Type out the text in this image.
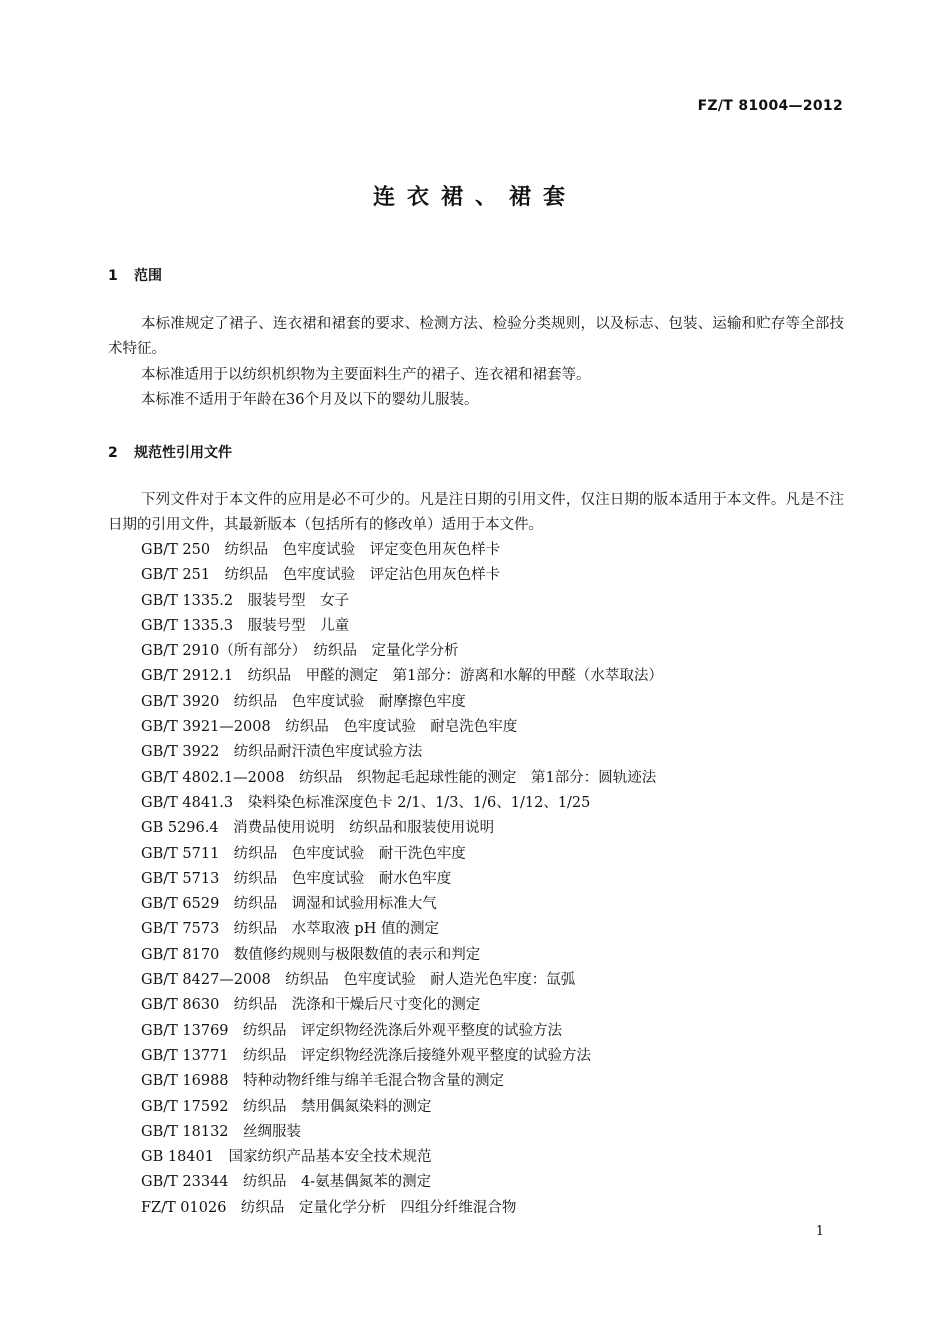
FZ/T 81004—2012
连衣裙、裙套
1 范围
本标准规定了裙子、连衣裙和裙套的要求、检测方法、检验分类规则，以及标志、包装、运输和贮存等全部技术特征。
本标准适用于以纺织机织物为主要面料生产的裙子、连衣裙和裙套等。
本标准不适用于年龄在36个月及以下的婴幼儿服装。
2 规范性引用文件
下列文件对于本文件的应用是必不可少的。凡是注日期的引用文件，仅注日期的版本适用于本文件。凡是不注日期的引用文件，其最新版本（包括所有的修改单）适用于本文件。
GB/T 250　纺织品　色牢度试验　评定变色用灰色样卡
GB/T 251　纺织品　色牢度试验　评定沾色用灰色样卡
GB/T 1335.2　服装号型　女子
GB/T 1335.3　服装号型　儿童
GB/T 2910（所有部分）　纺织品　定量化学分析
GB/T 2912.1　纺织品　甲醛的测定　第1部分：游离和水解的甲醛（水萃取法）
GB/T 3920　纺织品　色牢度试验　耐摩擦色牢度
GB/T 3921—2008　纺织品　色牢度试验　耐皂洗色牢度
GB/T 3922　纺织品耐汗渍色牢度试验方法
GB/T 4802.1—2008　纺织品　织物起毛起球性能的测定　第1部分：圆轨迹法
GB/T 4841.3　染料染色标准深度色卡 2/1、1/3、1/6、1/12、1/25
GB 5296.4　消费品使用说明　纺织品和服装使用说明
GB/T 5711　纺织品　色牢度试验　耐干洗色牢度
GB/T 5713　纺织品　色牢度试验　耐水色牢度
GB/T 6529　纺织品　调湿和试验用标准大气
GB/T 7573　纺织品　水萃取液 pH 值的测定
GB/T 8170　数值修约规则与极限数值的表示和判定
GB/T 8427—2008　纺织品　色牢度试验　耐人造光色牢度：氙弧
GB/T 8630　纺织品　洗涤和干燥后尺寸变化的测定
GB/T 13769　纺织品　评定织物经洗涤后外观平整度的试验方法
GB/T 13771　纺织品　评定织物经洗涤后接缝外观平整度的试验方法
GB/T 16988　特种动物纤维与绵羊毛混合物含量的测定
GB/T 17592　纺织品　禁用偶氮染料的测定
GB/T 18132　丝绸服装
GB 18401　国家纺织产品基本安全技术规范
GB/T 23344　纺织品　4-氨基偶氮苯的测定
FZ/T 01026　纺织品　定量化学分析　四组分纤维混合物
1
